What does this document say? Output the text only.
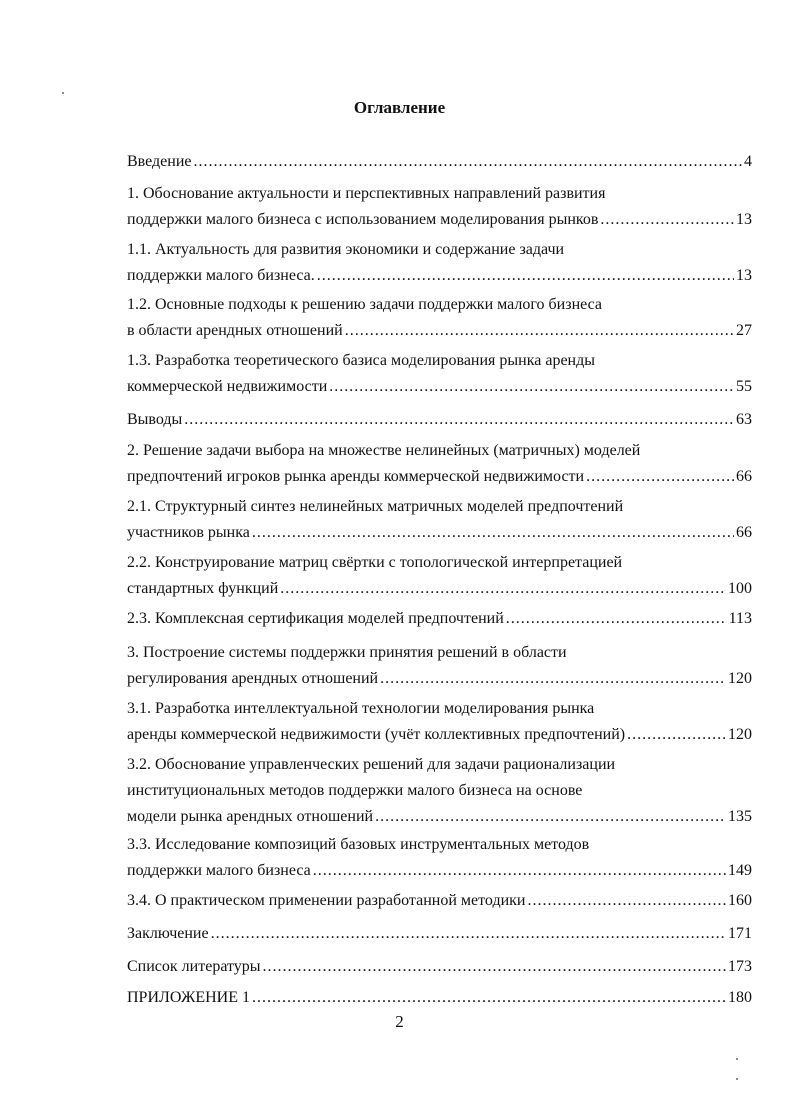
Оглавление
Введение .....	4
1. Обоснование актуальности и перспективных направлений развития
поддержки малого бизнеса с использованием моделирования рынков .....	13
1.1. Актуальность для развития экономики и содержание задачи
поддержки малого бизнеса. .....	13
1.2. Основные подходы к решению задачи поддержки малого бизнеса
в области арендных отношений .....	27
1.3. Разработка теоретического базиса моделирования рынка аренды
коммерческой недвижимости .....	55
Выводы .....	63
2. Решение задачи выбора на множестве нелинейных (матричных) моделей
предпочтений игроков рынка аренды коммерческой недвижимости .....	66
2.1. Структурный синтез нелинейных матричных моделей предпочтений
участников рынка .....	66
2.2. Конструирование матриц свёртки с топологической интерпретацией
стандартных функций .....	100
2.3. Комплексная сертификация моделей предпочтений .....	113
3. Построение системы поддержки принятия решений в области
регулирования арендных отношений .....	120
3.1. Разработка интеллектуальной технологии моделирования рынка
аренды коммерческой недвижимости (учёт коллективных предпочтений) .....	120
3.2. Обоснование управленческих решений для задачи рационализации
институциональных методов поддержки малого бизнеса на основе
модели рынка арендных отношений .....	135
3.3. Исследование композиций базовых инструментальных методов
поддержки малого бизнеса .....	149
3.4. О практическом применении разработанной методики .....	160
Заключение .....	171
Список литературы .....	173
ПРИЛОЖЕНИЕ 1 .....	180
2
